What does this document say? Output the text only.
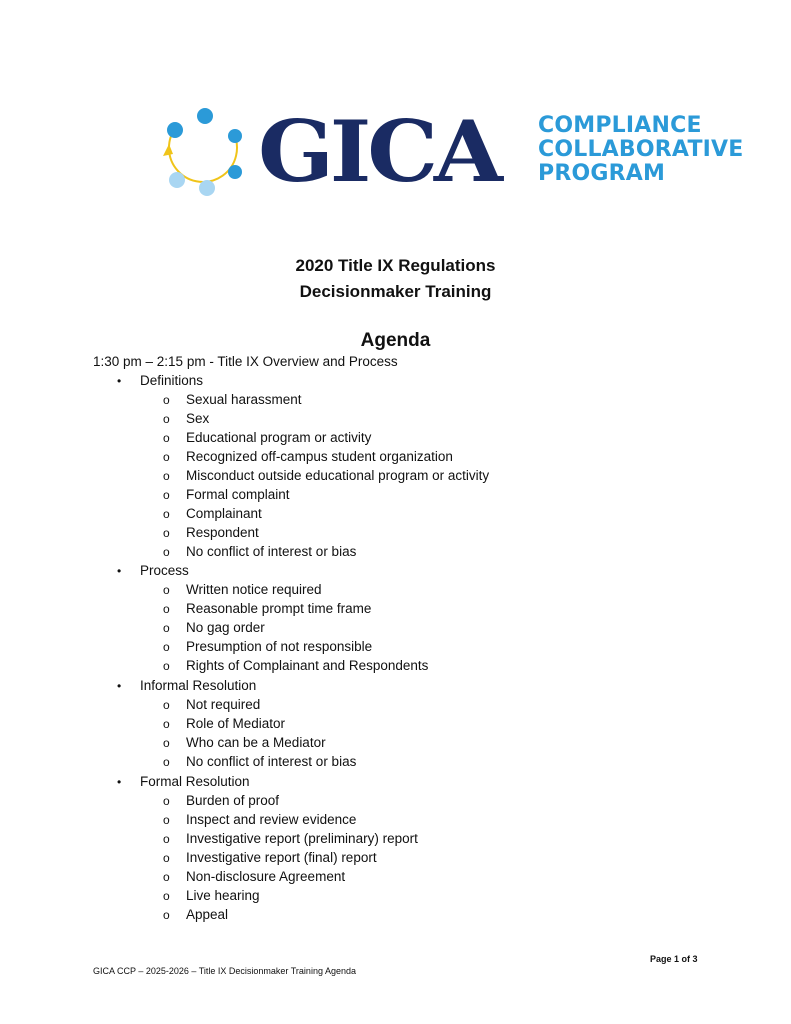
GICA COMPLIANCE
COLLABORATIVE
PROGRAM
2020 Title IX Regulations
Decisionmaker Training
Agenda
1:30 pm – 2:15 pm - Title IX Overview and Process
• Definitions
o Sexual harassment
o Sex
o Educational program or activity
o Recognized off-campus student organization
o Misconduct outside educational program or activity
o Formal complaint
o Complainant
o Respondent
o No conflict of interest or bias
• Process
o Written notice required
o Reasonable prompt time frame
o No gag order
o Presumption of not responsible
o Rights of Complainant and Respondents
• Informal Resolution
o Not required
o Role of Mediator
o Who can be a Mediator
o No conflict of interest or bias
• Formal Resolution
o Burden of proof
o Inspect and review evidence
o Investigative report (preliminary) report
o Investigative report (final) report
o Non-disclosure Agreement
o Live hearing
o Appeal
Page 1 of 3
GICA CCP – 2025-2026 – Title IX Decisionmaker Training Agenda
